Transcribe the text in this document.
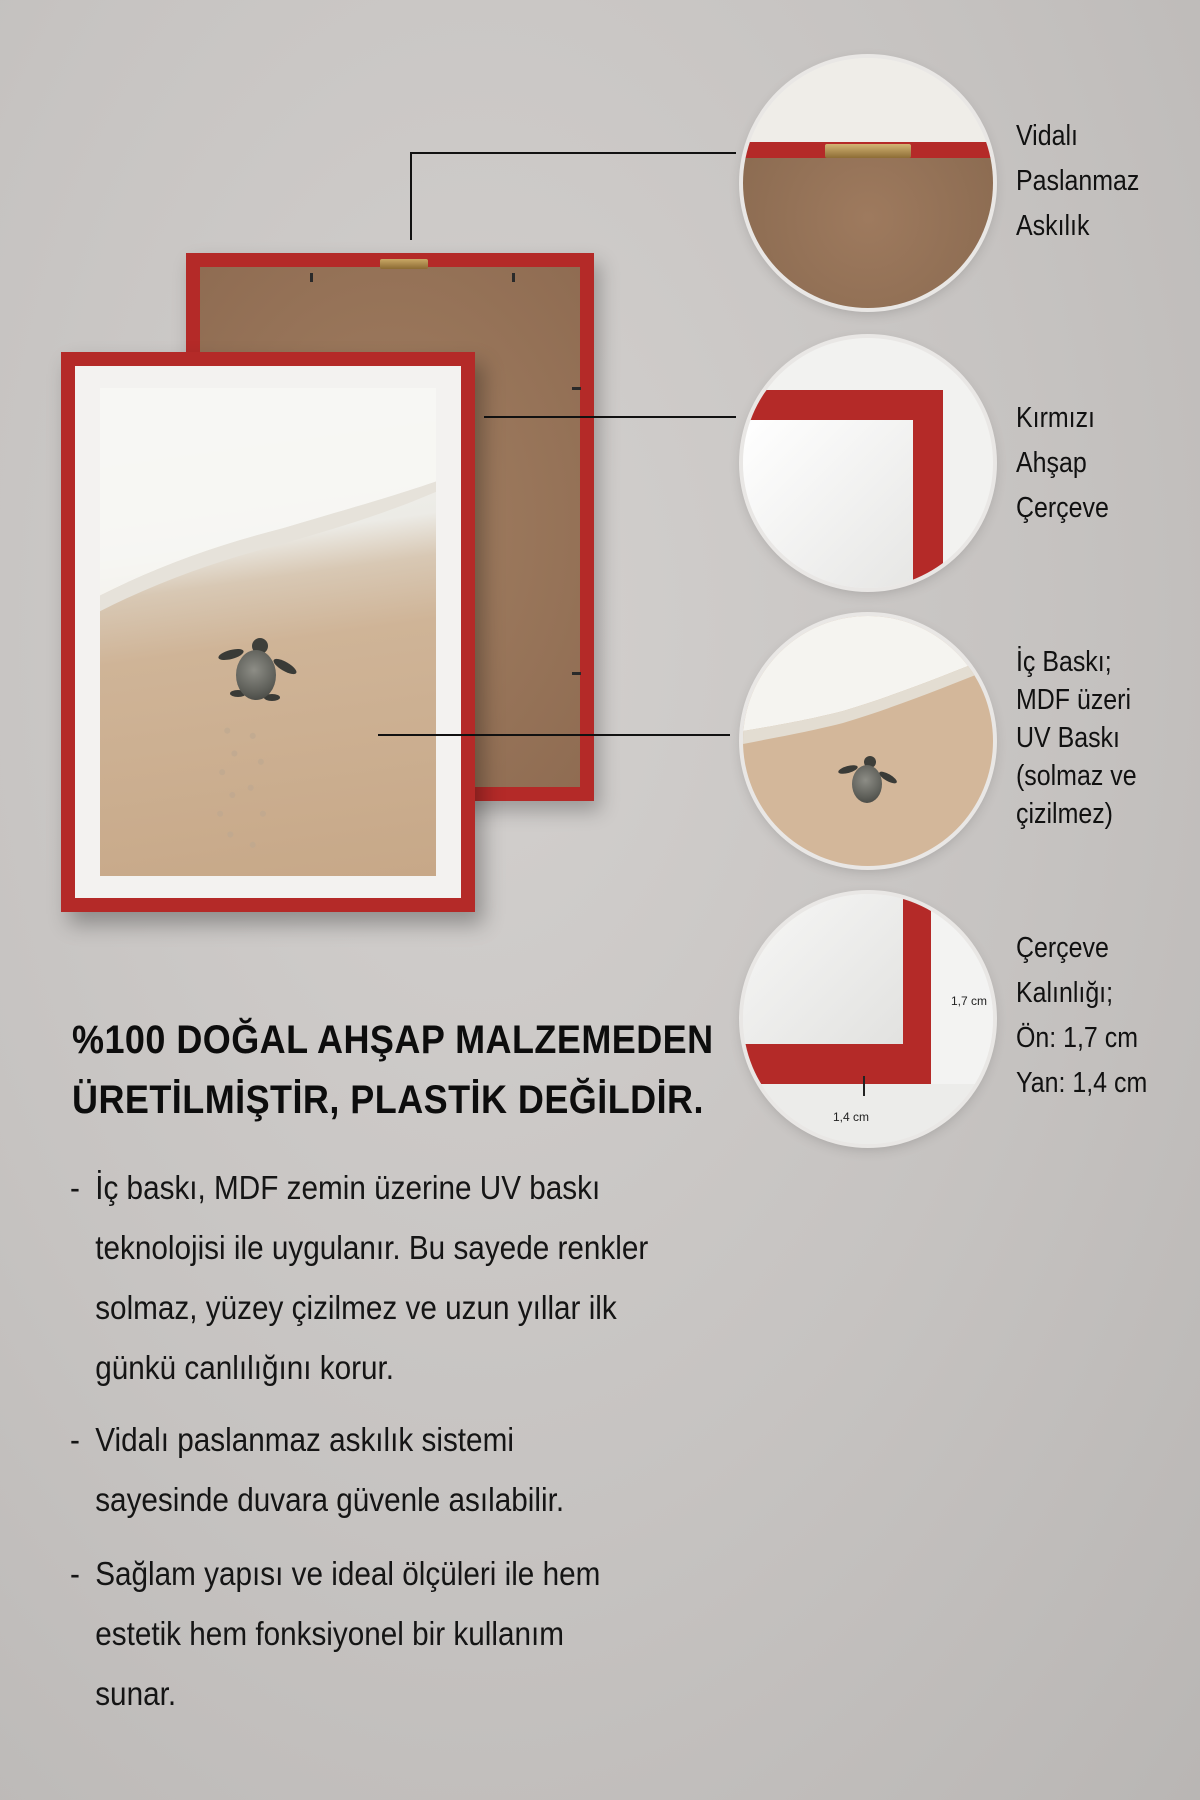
Vidalı
Paslanmaz
Askılık
Kırmızı
Ahşap
Çerçeve
İç Baskı;
MDF üzeri
UV Baskı
(solmaz ve
çizilmez)
1,4 cm
1,7 cm
Çerçeve
Kalınlığı;
Ön: 1,7 cm
Yan: 1,4 cm
%100 DOĞAL AHŞAP MALZEMEDEN
ÜRETİLMİŞTİR, PLASTİK DEĞİLDİR.
- İç baskı, MDF zemin üzerine UV baskı
teknolojisi ile uygulanır. Bu sayede renkler
solmaz, yüzey çizilmez ve uzun yıllar ilk
günkü canlılığını korur.
- Vidalı paslanmaz askılık sistemi
sayesinde duvara güvenle asılabilir.
- Sağlam yapısı ve ideal ölçüleri ile hem
estetik hem fonksiyonel bir kullanım
sunar.
